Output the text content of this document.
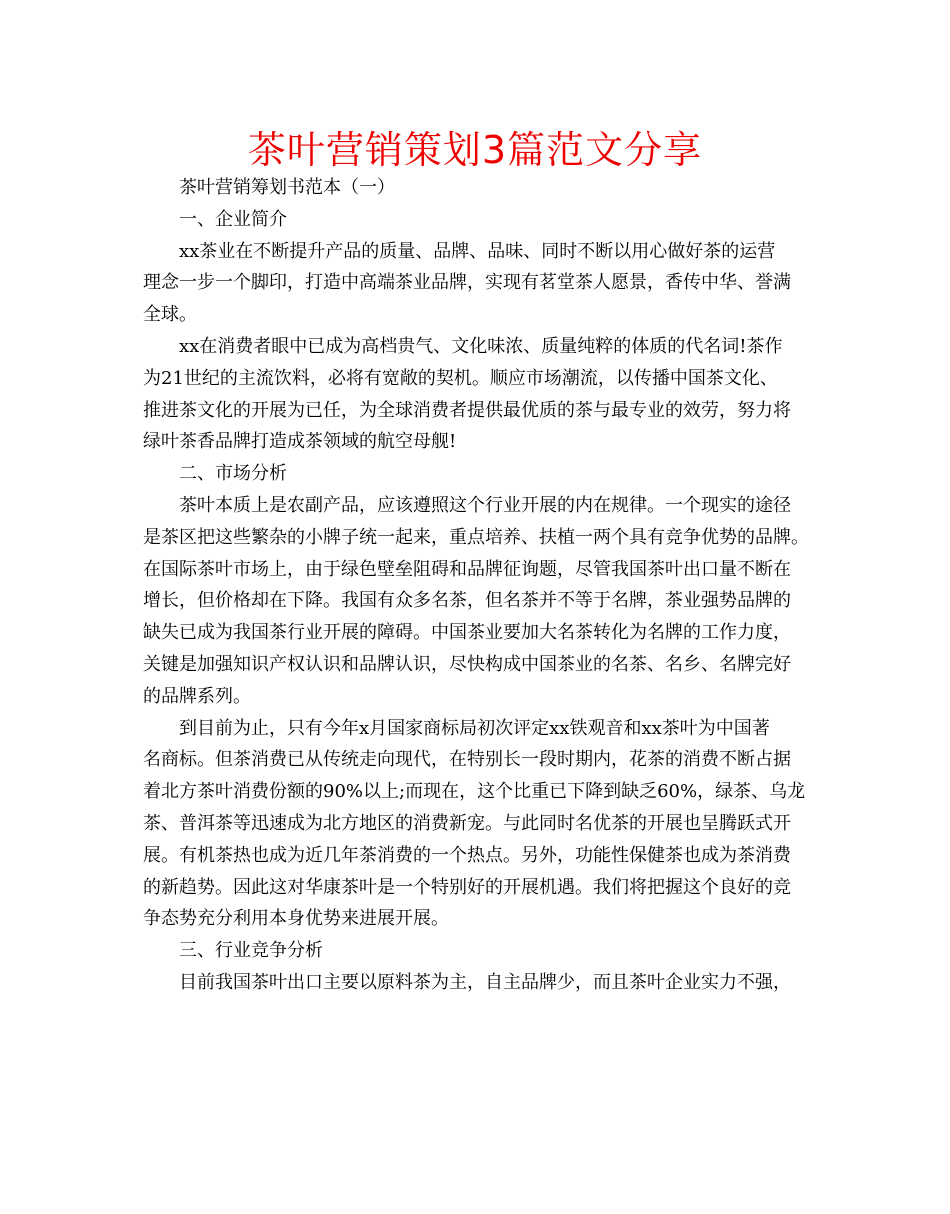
茶叶营销策划3篇范文分享

茶叶营销筹划书范本（一）

一、企业简介

xx茶业在不断提升产品的质量、品牌、品味、同时不断以用心做好茶的运营

理念一步一个脚印，打造中高端茶业品牌，实现有茗堂茶人愿景，香传中华、誉满

全球。

xx在消费者眼中已成为高档贵气、文化味浓、质量纯粹的体质的代名词!茶作

为21世纪的主流饮料，必将有宽敞的契机。顺应市场潮流，以传播中国茶文化、

推进茶文化的开展为已任，为全球消费者提供最优质的茶与最专业的效劳，努力将

绿叶茶香品牌打造成茶领域的航空母舰!

二、市场分析

茶叶本质上是农副产品，应该遵照这个行业开展的内在规律。一个现实的途径

是茶区把这些繁杂的小牌子统一起来，重点培养、扶植一两个具有竞争优势的品牌。

在国际茶叶市场上，由于绿色壁垒阻碍和品牌征询题，尽管我国茶叶出口量不断在

增长，但价格却在下降。我国有众多名茶，但名茶并不等于名牌，茶业强势品牌的

缺失已成为我国茶行业开展的障碍。中国茶业要加大名茶转化为名牌的工作力度，

关键是加强知识产权认识和品牌认识，尽快构成中国茶业的名茶、名乡、名牌完好

的品牌系列。

到目前为止，只有今年x月国家商标局初次评定xx铁观音和xx茶叶为中国著

名商标。但茶消费已从传统走向现代，在特别长一段时期内，花茶的消费不断占据

着北方茶叶消费份额的90%以上;而现在，这个比重已下降到缺乏60%，绿茶、乌龙

茶、普洱茶等迅速成为北方地区的消费新宠。与此同时名优茶的开展也呈腾跃式开

展。有机茶热也成为近几年茶消费的一个热点。另外，功能性保健茶也成为茶消费

的新趋势。因此这对华康茶叶是一个特别好的开展机遇。我们将把握这个良好的竞

争态势充分利用本身优势来进展开展。

三、行业竞争分析

目前我国茶叶出口主要以原料茶为主，自主品牌少，而且茶叶企业实力不强，
